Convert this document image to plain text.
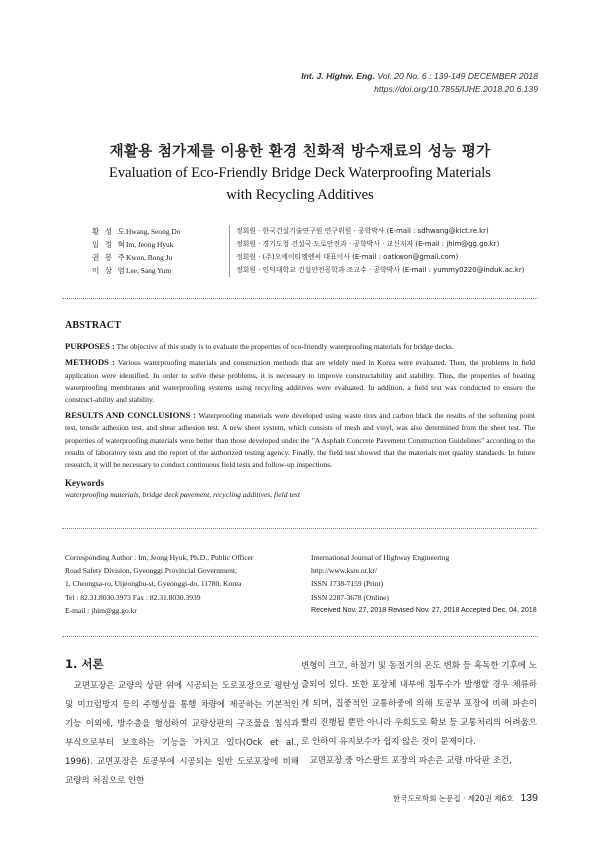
Int. J. Highw. Eng. Vol. 20 No. 6 : 139-149 DECEMBER 2018
https://doi.org/10.7855/IJHE.2018.20.6.139
재활용 첨가제를 이용한 환경 친화적 방수재료의 성능 평가
Evaluation of Eco-Friendly Bridge Deck Waterproofing Materials with Recycling Additives
황 성 도 Hwang, Seong Do	정회원 · 한국건설기술연구원 연구위원 · 공학박사 (E-mail : sdhwang@kict.re.kr)
임 정 혁 Im, Jeong Hyuk	정회원 · 경기도청 건설국 도로안전과 · 공학박사 · 교신저자 (E-mail : jhim@gg.go.kr)
권 봉 주 Kwon, Bong Ju	정회원 · (주)오에이티엠엔씨 대표이사 (E-mail : oatkwon@gmail.com)
이 상 염 Lee, Sang Yum	정회원 · 인덕대학교 건설안전공학과 조교수 · 공학박사 (E-mail : yummy0220@induk.ac.kr)
ABSTRACT
PURPOSES : The objective of this study is to evaluate the properties of eco-friendly waterproofing materials for bridge decks.
METHODS : Various waterproofing materials and construction methods that are widely used in Korea were evaluated. Then, the problems in field application were identified. In order to solve these problems, it is necessary to improve constructability and stability. Thus, the properties of heating waterproofing membranes and waterproofing systems using recycling additives were evaluated. In addition, a field test was conducted to ensure the construct-ability and stability.
RESULTS AND CONCLUSIONS : Waterproofing materials were developed using waste tires and carbon black the results of the softening point test, tensile adhesion test, and shear adhesion test. A new sheet system, which consists of mesh and vinyl, was also determined from the sheet test. The properties of waterproofing materials were better than those developed under the "A Asphalt Concrete Pavement Construction Guidelines" according to the results of laboratory tests and the report of the authorized testing agency. Finally, the field test showed that the materials met quality standards. In future research, it will be necessary to conduct continuous field tests and follow-up inspections.
Keywords
waterproofing materials, bridge deck pavement, recycling additives, field test
Corresponding Author : Im, Jeong Hyuk, Ph.D., Public Officer
Road Safety Division, Gyeonggi Provincial Government,
1, Cheongsa-ro, Uijeongbu-si, Gyeonggi-do, 11780, Korea
Tel : 82.31.8030.3973 Fax : 82.31.8030.3939
E-mail : jhim@gg.go.kr
International Journal of Highway Engineering
http://www.ksre.or.kr/
ISSN 1738-7159 (Print)
ISSN 2287-3678 (Online)
Received Nov. 27, 2018 Revised Nov. 27, 2018 Accepted Dec. 04, 2018
1. 서론

교면포장은 교량의 상판 위에 시공되는 도로포장으로 평탄성 및 미끄럼방지 등의 주행성을 통행 차량에 제공하는 기본적인 기능 이외에, 방수층을 형성하여 교량상판의 구조물을 침식과 부식으로부터 보호하는 기능을 가지고 있다(Ock et al., 1996). 교면포장은 토공부에 시공되는 일반 도로포장에 비해 교량의 처짐으로 인한

변형이 크고, 하절기 및 동절기의 온도 변화 등 혹독한 기후에 노출되어 있다. 또한 포장체 내부에 침투수가 발생할 경우 체류하게 되며, 집중적인 교통하중에 의해 토공부 포장에 비해 파손이 빨리 진행될 뿐만 아니라 우회도로 확보 등 교통처리의 어려움으로 인하여 유지보수가 쉽지 않은 것이 문제이다.

교면포장 중 아스팔트 포장의 파손은 교량 바닥판 조건,

한국도로학회 논문집 · 제20권 제6호 139
